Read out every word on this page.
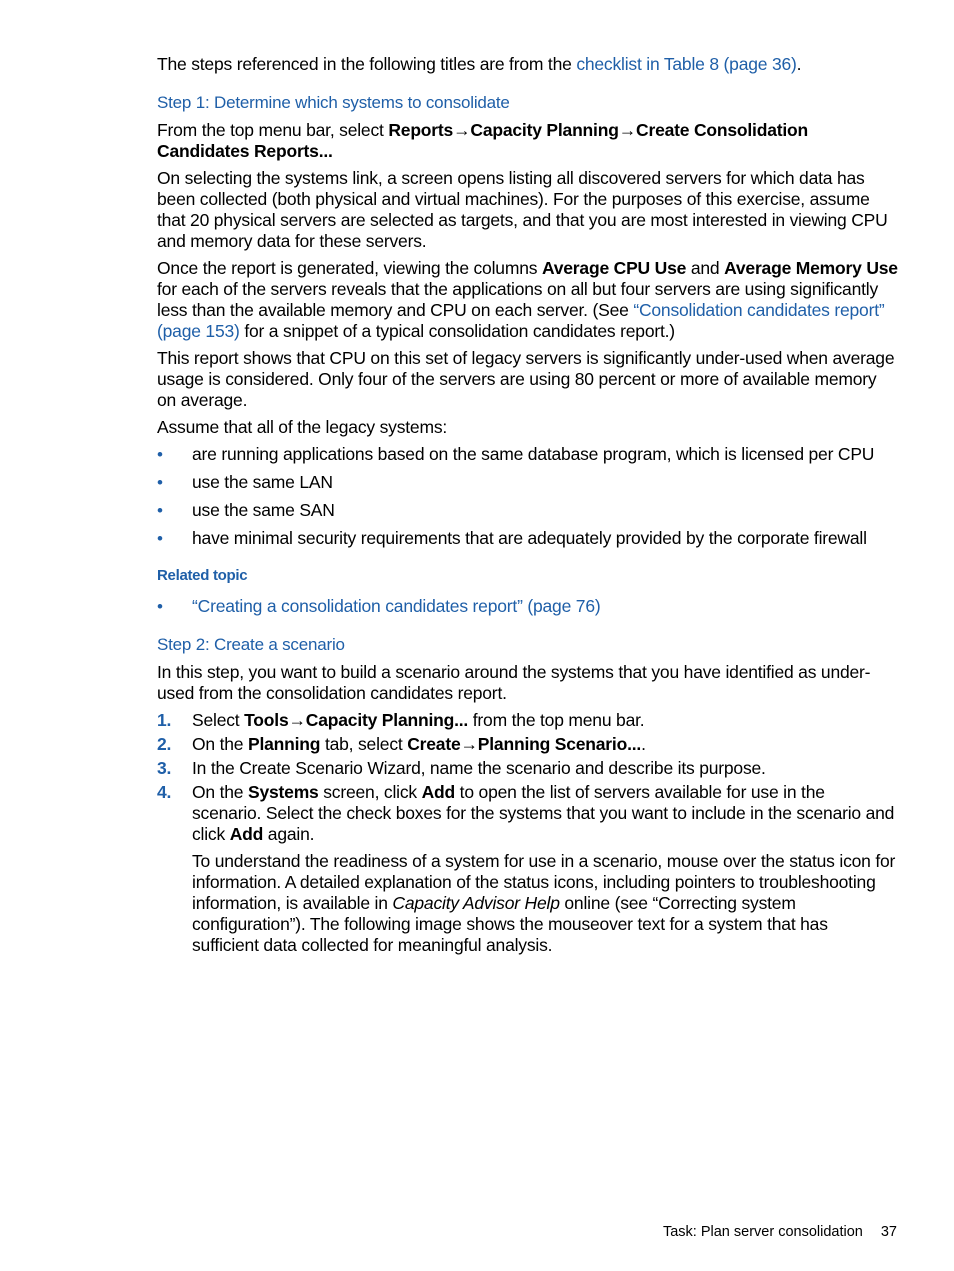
The steps referenced in the following titles are from the checklist in Table 8 (page 36).

Step 1: Determine which systems to consolidate

From the top menu bar, select Reports→Capacity Planning→Create Consolidation Candidates Reports...

On selecting the systems link, a screen opens listing all discovered servers for which data has been collected (both physical and virtual machines). For the purposes of this exercise, assume that 20 physical servers are selected as targets, and that you are most interested in viewing CPU and memory data for these servers.

Once the report is generated, viewing the columns Average CPU Use and Average Memory Use for each of the servers reveals that the applications on all but four servers are using significantly less than the available memory and CPU on each server. (See “Consolidation candidates report” (page 153) for a snippet of a typical consolidation candidates report.)

This report shows that CPU on this set of legacy servers is significantly under-used when average usage is considered. Only four of the servers are using 80 percent or more of available memory on average.

Assume that all of the legacy systems:

• are running applications based on the same database program, which is licensed per CPU
• use the same LAN
• use the same SAN
• have minimal security requirements that are adequately provided by the corporate firewall
Related topic
• “Creating a consolidation candidates report” (page 76)
Step 2: Create a scenario

In this step, you want to build a scenario around the systems that you have identified as under-used from the consolidation candidates report.

1. Select Tools→Capacity Planning... from the top menu bar.
2. On the Planning tab, select Create→Planning Scenario....
3. In the Create Scenario Wizard, name the scenario and describe its purpose.
4. On the Systems screen, click Add to open the list of servers available for use in the scenario. Select the check boxes for the systems that you want to include in the scenario and click Add again.

To understand the readiness of a system for use in a scenario, mouse over the status icon for information. A detailed explanation of the status icons, including pointers to troubleshooting information, is available in Capacity Advisor Help online (see “Correcting system configuration”). The following image shows the mouseover text for a system that has sufficient data collected for meaningful analysis.

Task: Plan server consolidation 37
